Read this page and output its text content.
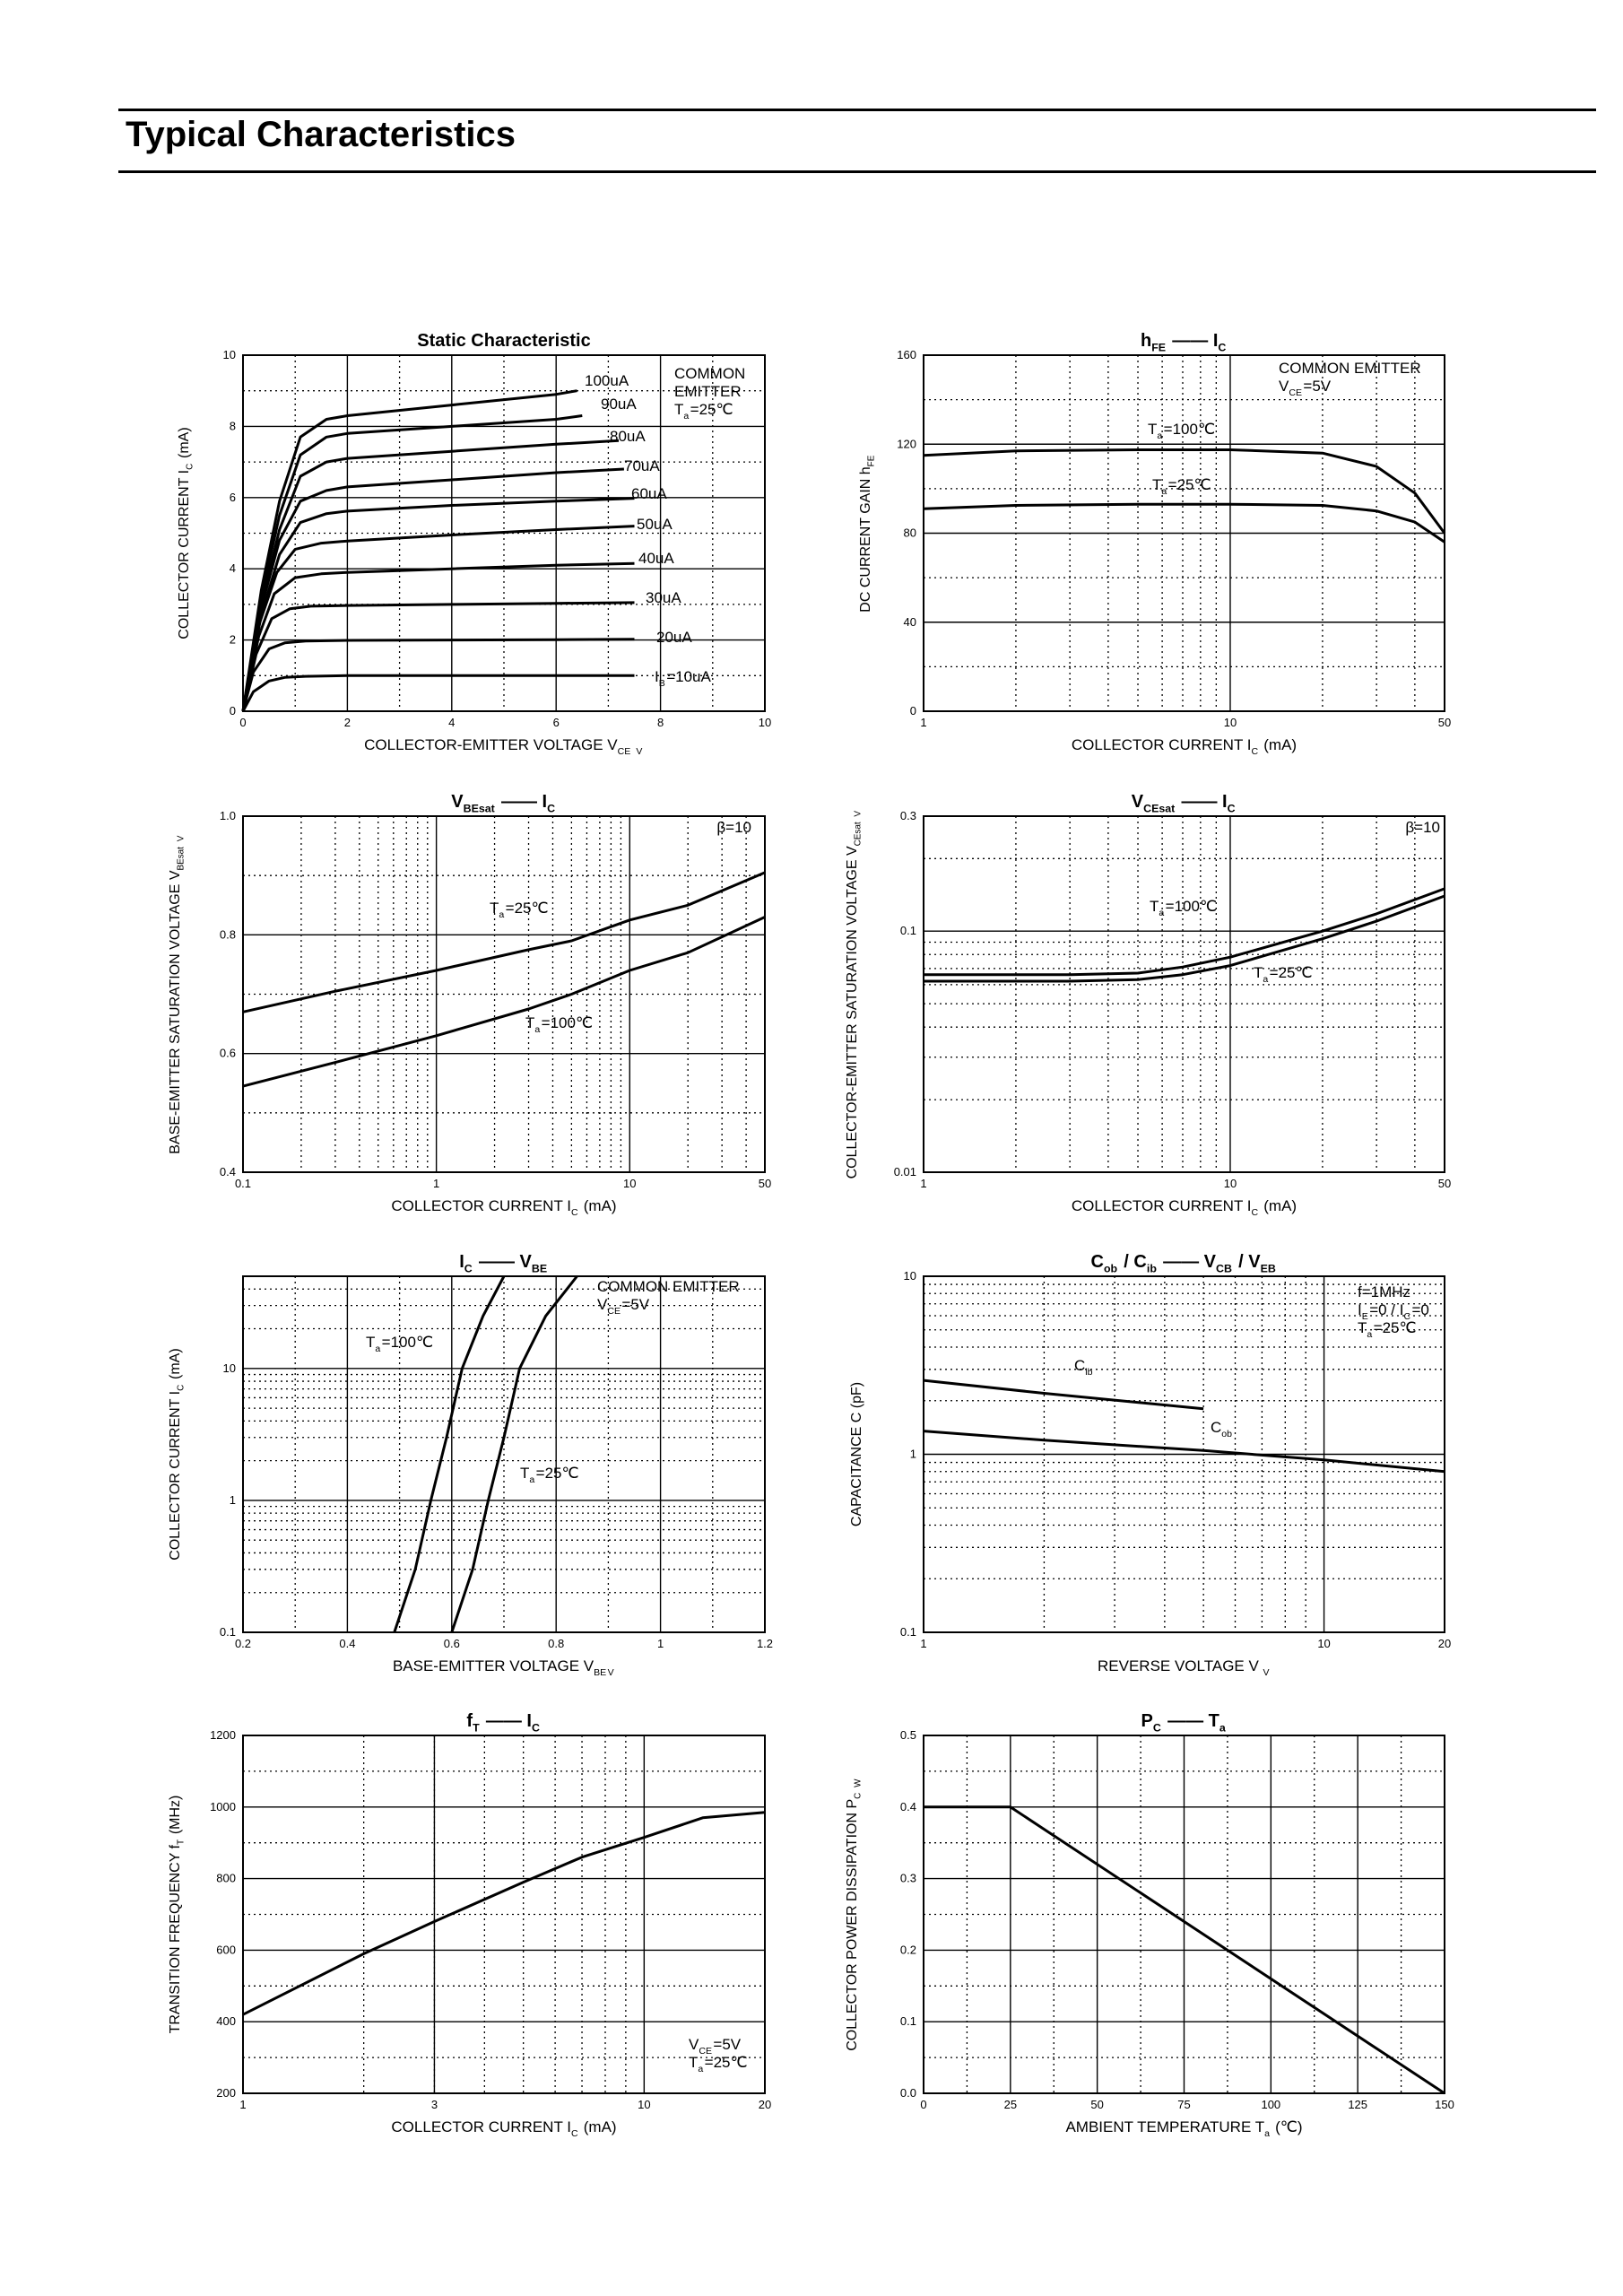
Typical Characteristics
0	2	4	6	8	10
0
2
4
6
8
10
Static Characteristic
COLLECTOR-EMITTER VOLTAGE $V_{CE}$  $_V$ 
COLLECTOR CURRENT $I_C$  (mA)
$I_B$ =10uA
20uA
30uA
40uA
50uA
60uA
70uA
80uA
90uA
100uA	COMMON
EMITTER
$T_a$ =25℃
1	10	50
0
40
80
120
160
$h_{FE}$  —— $I_C$ 
COLLECTOR CURRENT $I_C$  (mA)
DC CURRENT GAIN $h_{FE}$ 
$T_a$ =100℃
$T_a$ =25℃
COMMON EMITTER
$V_{CE}$ =5V
0.1	1	10	50
0.4
0.6
0.8
1.0
$V_{BEsat}$  —— $I_C$ 
COLLECTOR CURRENT $I_C$  (mA)
BASE-EMITTER SATURATION VOLTAGE $V_{BEsat}$  $_V$ 
$T_a$ =25℃
$T_a$ =100℃
β=10
1	10	50
0.01
0.1
0.3
$V_{CEsat}$  —— $I_C$ 
COLLECTOR CURRENT $I_C$  (mA)
COLLECTOR-EMITTER SATURATION VOLTAGE $V_{CEsat}$  $_V$ 
$T_a$ =100℃
$T_a$ =25℃
β=10
0.2	0.4	0.6	0.8	1	1.2
0.1
1
10
$I_C$  —— $V_{BE}$ 
BASE-EMITTER VOLTAGE $V_{BE}$ $_V$ 
COLLECTOR CURRENT $I_C$  (mA)
$T_a$ =100℃
$T_a$ =25℃
COMMON EMITTER
$V_{CE}$ =5V
1	10	20
0.1
1
10
$C_{ob}$  / $C_{ib}$  —— $V_{CB}$  / $V_{EB}$ 
REVERSE VOLTAGE V $_V$ 
CAPACITANCE C (pF)
$C_{ib}$ 
$C_{ob}$ 
f=1MHz
$I_E$ $=0 / I_C$ =0
$T_a$ =25℃
1	3	10	20
200
400
600
800
1000
1200
$f_T$  —— $I_C$ 
COLLECTOR CURRENT $I_C$  (mA)
TRANSITION FREQUENCY $f_T$  (MHz)
$V_{CE}$ =5V
$T_a$ =25℃
0	25	50	75	100	125	150
0.0
0.1
0.2
0.3
0.4
0.5
$P_C$  —— $T_a$ 
AMBIENT TEMPERATURE $T_a$  (℃)
COLLECTOR POWER DISSIPATION $P_C$  $_W$ 
